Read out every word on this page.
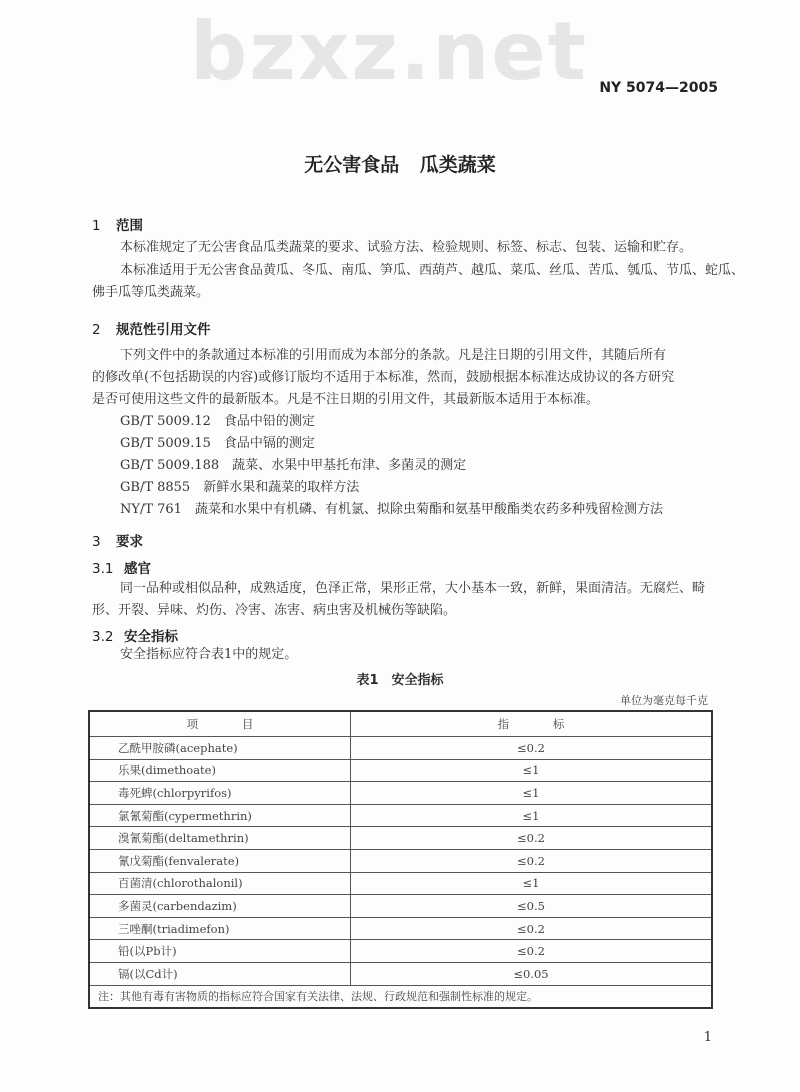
bzxz.net NY 5074—2005
无公害食品 瓜类蔬菜
1 范围
本标准规定了无公害食品瓜类蔬菜的要求、试验方法、检验规则、标签、标志、包装、运输和贮存。
本标准适用于无公害食品黄瓜、冬瓜、南瓜、笋瓜、西葫芦、越瓜、菜瓜、丝瓜、苦瓜、瓠瓜、节瓜、蛇瓜、
佛手瓜等瓜类蔬菜。
2 规范性引用文件
下列文件中的条款通过本标准的引用而成为本部分的条款。凡是注日期的引用文件，其随后所有
的修改单(不包括勘误的内容)或修订版均不适用于本标准，然而，鼓励根据本标准达成协议的各方研究
是否可使用这些文件的最新版本。凡是不注日期的引用文件，其最新版本适用于本标准。
GB/T 5009.12　食品中铅的测定
GB/T 5009.15　食品中镉的测定
GB/T 5009.188　蔬菜、水果中甲基托布津、多菌灵的测定
GB/T 8855　新鲜水果和蔬菜的取样方法
NY/T 761　蔬菜和水果中有机磷、有机氯、拟除虫菊酯和氨基甲酸酯类农药多种残留检测方法
3 要求
3.1 感官
同一品种或相似品种，成熟适度，色泽正常，果形正常，大小基本一致，新鲜，果面清洁。无腐烂、畸
形、开裂、异味、灼伤、冷害、冻害、病虫害及机械伤等缺陷。
3.2 安全指标
安全指标应符合表1中的规定。
表1　安全指标
单位为毫克每千克
项 目	指 标
乙酰甲胺磷(acephate)	≤0.2
乐果(dimethoate)	≤1
毒死蜱(chlorpyrifos)	≤1
氯氰菊酯(cypermethrin)	≤1
溴氰菊酯(deltamethrin)	≤0.2
氰戊菊酯(fenvalerate)	≤0.2
百菌清(chlorothalonil)	≤1
多菌灵(carbendazim)	≤0.5
三唑酮(triadimefon)	≤0.2
铅(以Pb计)	≤0.2
镉(以Cd计)	≤0.05
注：其他有毒有害物质的指标应符合国家有关法律、法规、行政规范和强制性标准的规定。	
1
